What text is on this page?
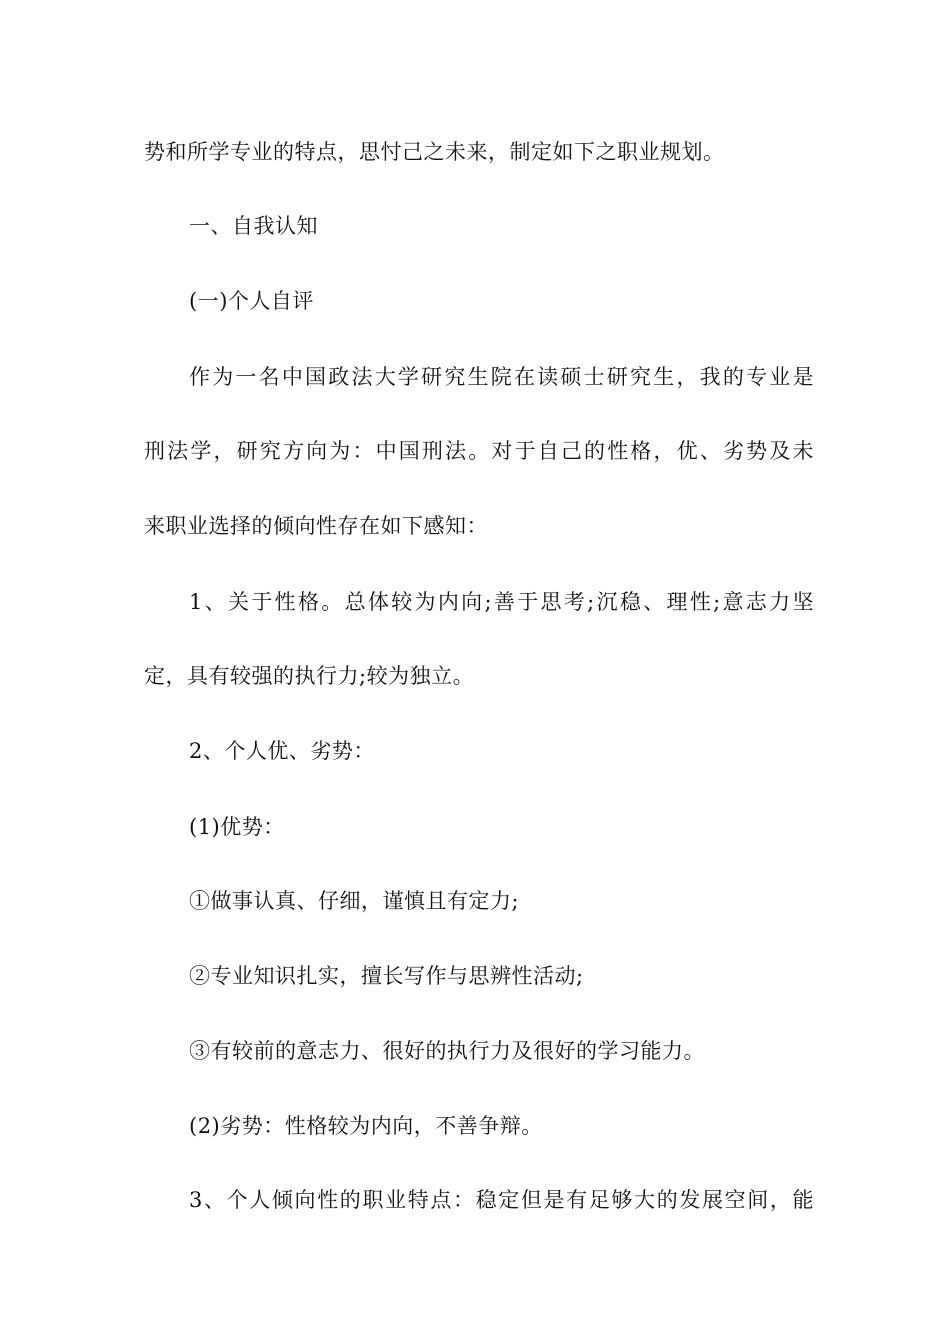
势和所学专业的特点，思忖己之未来，制定如下之职业规划。
一、自我认知
(一)个人自评
作为一名中国政法大学研究生院在读硕士研究生，我的专业是
刑法学，研究方向为：中国刑法。对于自己的性格，优、劣势及未
来职业选择的倾向性存在如下感知：
1、关于性格。总体较为内向;善于思考;沉稳、理性;意志力坚
定，具有较强的执行力;较为独立。
2、个人优、劣势：
(1)优势：
①做事认真、仔细，谨慎且有定力;
②专业知识扎实，擅长写作与思辨性活动;
③有较前的意志力、很好的执行力及很好的学习能力。
(2)劣势：性格较为内向，不善争辩。
3、个人倾向性的职业特点：稳定但是有足够大的发展空间，能
